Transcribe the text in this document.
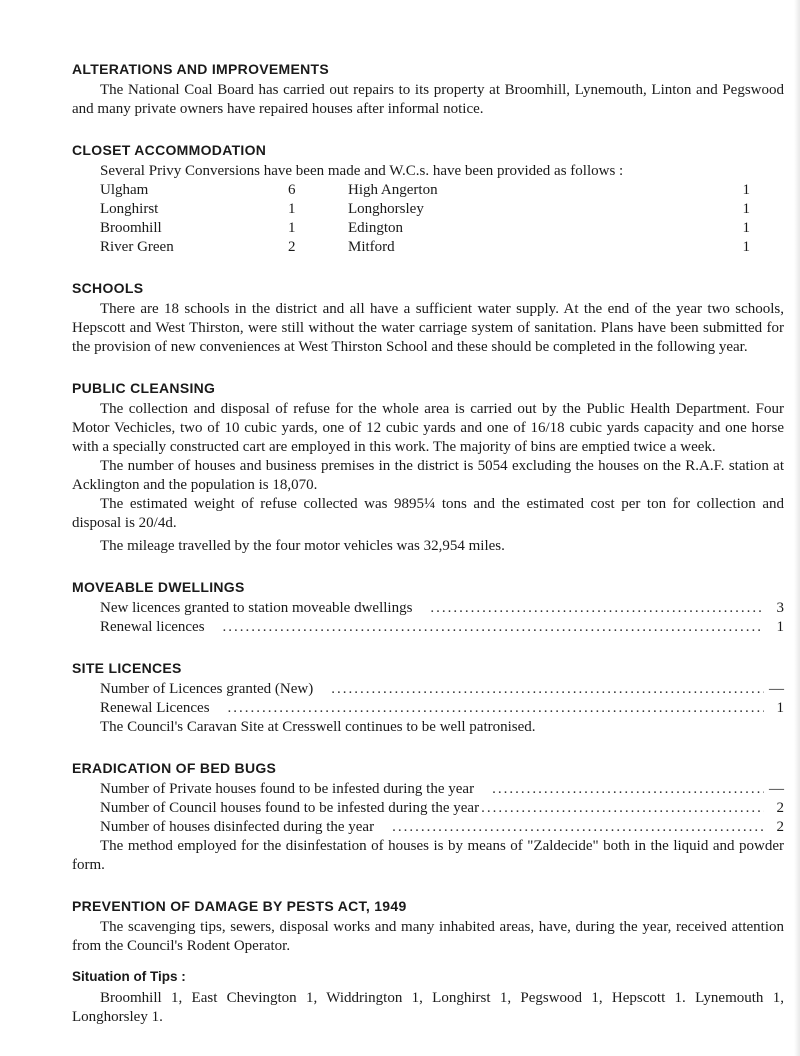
ALTERATIONS AND IMPROVEMENTS

The National Coal Board has carried out repairs to its property at Broomhill, Lynemouth, Linton and Pegswood and many private owners have repaired houses after informal notice.

CLOSET ACCOMMODATION

Several Privy Conversions have been made and W.C.s. have been provided as follows :

Ulgham	6	High Angerton	1
Longhirst	1	Longhorsley	1
Broomhill	1	Edington	1
River Green	2	Mitford	1
SCHOOLS

There are 18 schools in the district and all have a sufficient water supply. At the end of the year two schools, Hepscott and West Thirston, were still without the water carriage system of sanitation. Plans have been submitted for the provision of new conveniences at West Thirston School and these should be completed in the following year.

PUBLIC CLEANSING

The collection and disposal of refuse for the whole area is carried out by the Public Health Department. Four Motor Vechicles, two of 10 cubic yards, one of 12 cubic yards and one of 16/18 cubic yards capacity and one horse with a specially constructed cart are employed in this work. The majority of bins are emptied twice a week.

The number of houses and business premises in the district is 5054 excluding the houses on the R.A.F. station at Acklington and the population is 18,070.

The estimated weight of refuse collected was 9895¼ tons and the estimated cost per ton for collection and disposal is 20/4d.

The mileage travelled by the four motor vehicles was 32,954 miles.

MOVEABLE DWELLINGS
New licences granted to station moveable dwellings .....	3
Renewal licences .....	1
SITE LICENCES
Number of Licences granted (New) .....	—
Renewal Licences .....	1

The Council's Caravan Site at Cresswell continues to be well patronised.

ERADICATION OF BED BUGS
Number of Private houses found to be infested during the year .....	—
Number of Council houses found to be infested during the year .....	2
Number of houses disinfected during the year .....	2

The method employed for the disinfestation of houses is by means of "Zaldecide" both in the liquid and powder form.

PREVENTION OF DAMAGE BY PESTS ACT, 1949

The scavenging tips, sewers, disposal works and many inhabited areas, have, during the year, received attention from the Council's Rodent Operator.

Situation of Tips :

Broomhill 1, East Chevington 1, Widdrington 1, Longhirst 1, Pegswood 1, Hepscott 1. Lynemouth 1, Longhorsley 1.
